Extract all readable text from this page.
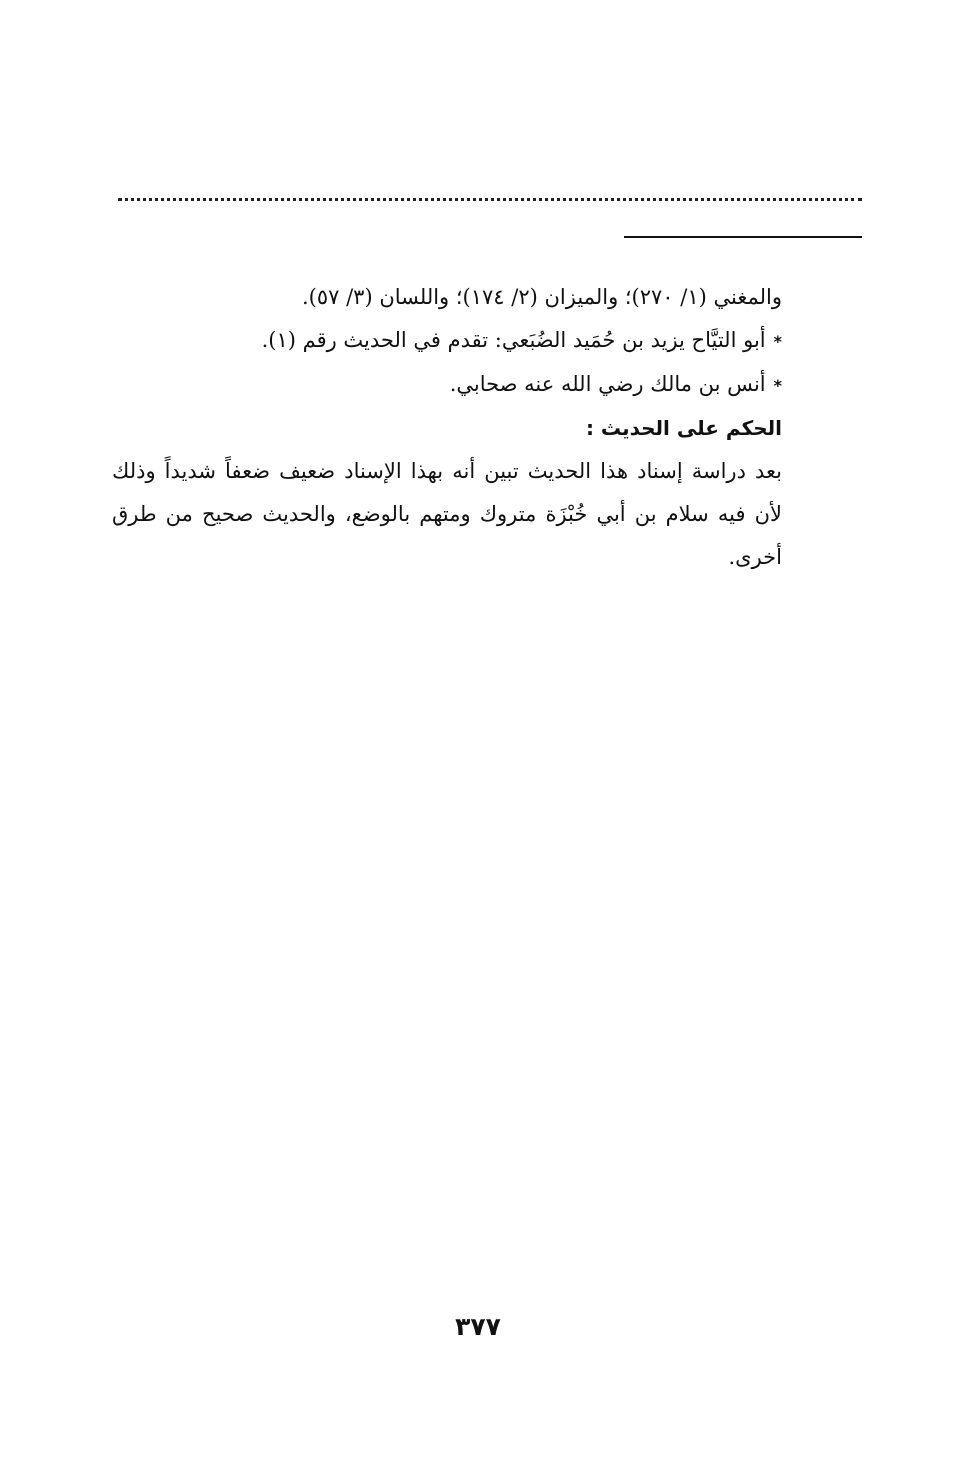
والمغني (١/ ٢٧٠)؛ والميزان (٢/ ١٧٤)؛ واللسان (٣/ ٥٧).

*أبو التيَّاح يزيد بن حُمَيد الضُبَعي: تقدم في الحديث رقم (١).

*أنس بن مالك رضي الله عنه صحابي.

الحكم على الحديث :

بعد دراسة إسناد هذا الحديث تبين أنه بهذا الإسناد ضعيف ضعفاً شديداً وذلك لأن فيه سلام بن أبي خُبْزَة متروك ومتهم بالوضع، والحديث صحيح من طرق أخرى.

٣٧٧
